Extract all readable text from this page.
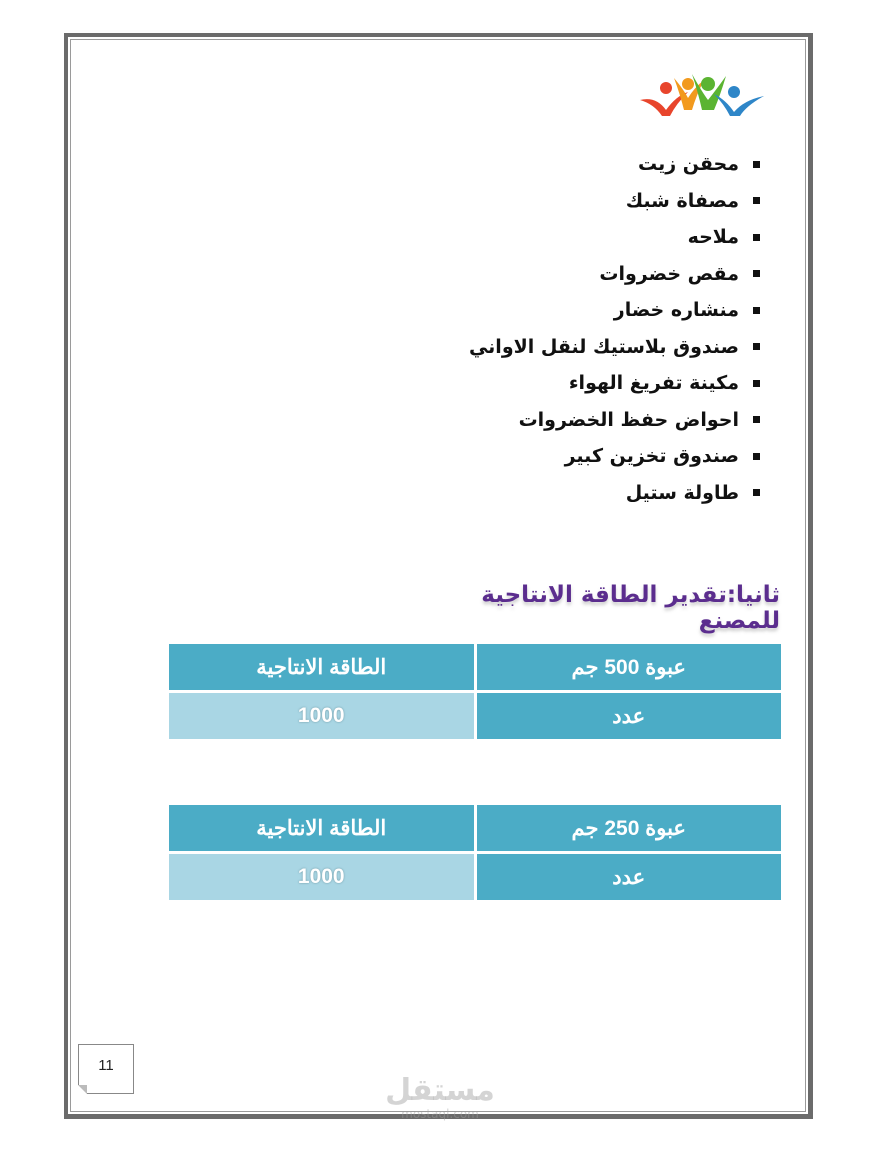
محقن زيت
مصفاة شبك
ملاحه
مقص خضروات
منشاره خضار
صندوق بلاستيك لنقل الاواني
مكينة تفريغ الهواء
احواض حفظ الخضروات
صندوق تخزين كبير
طاولة ستيل
ثانيا:تقدير الطاقة الانتاجية للمصنع
عبوة 500 جم	الطاقة الانتاجية
عدد	1000
عبوة 250 جم	الطاقة الانتاجية
عدد	1000
11
مستقل
mostaql.com
